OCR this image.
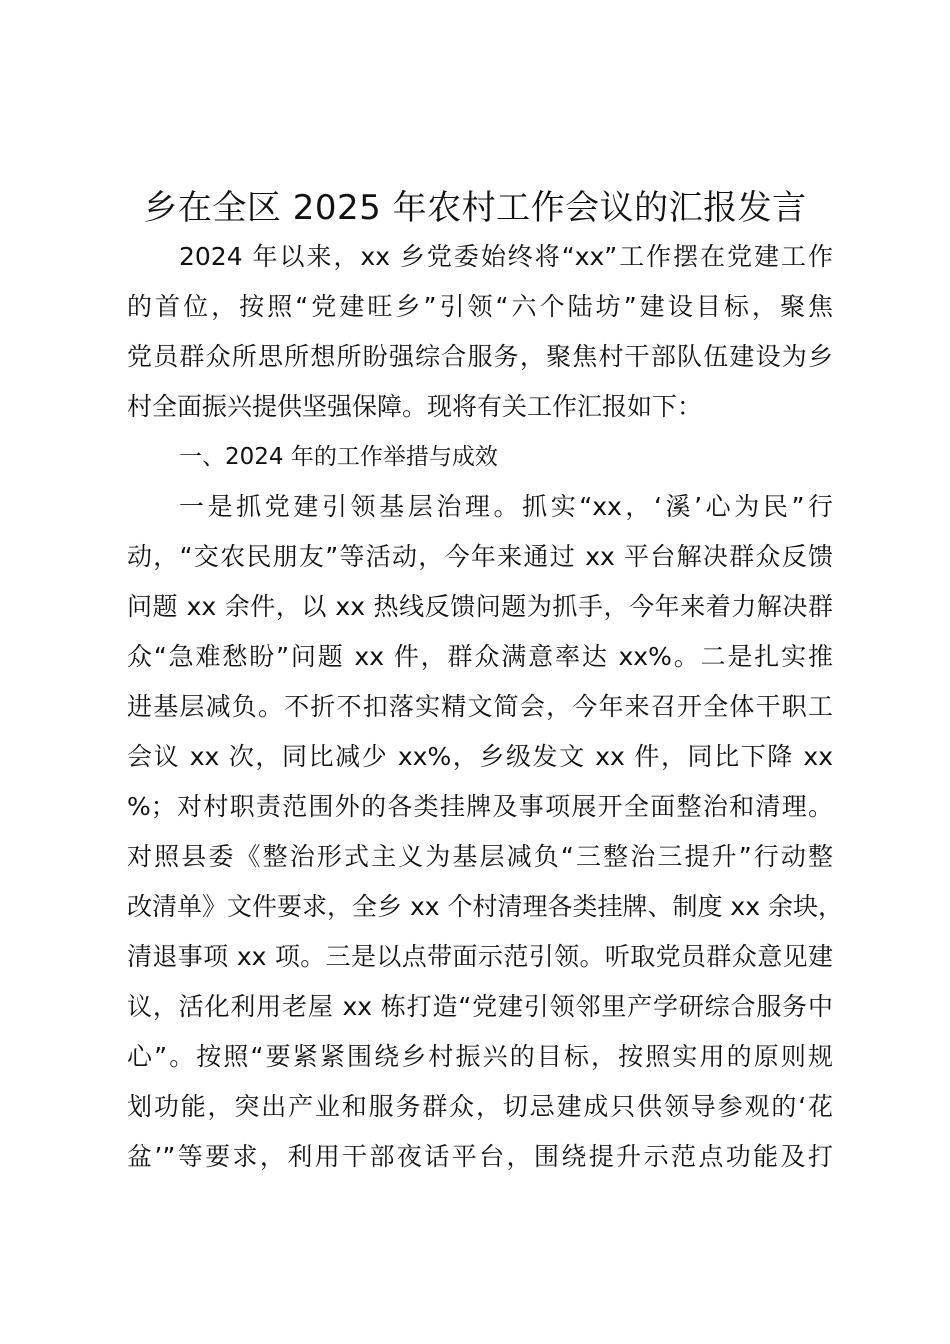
乡在全区 2025 年农村工作会议的汇报发言
2024 年以来，xx 乡党委始终将“xx”工作摆在党建工作
的首位，按照“党建旺乡”引领“六个陆坊”建设目标，聚焦
党员群众所思所想所盼强综合服务，聚焦村干部队伍建设为乡
村全面振兴提供坚强保障。现将有关工作汇报如下：
一、2024 年的工作举措与成效
一是抓党建引领基层治理。抓实“xx，‘溪’心为民”行
动，“交农民朋友”等活动，今年来通过 xx 平台解决群众反馈
问题 xx 余件，以 xx 热线反馈问题为抓手，今年来着力解决群
众“急难愁盼”问题 xx 件，群众满意率达 xx%。二是扎实推
进基层减负。不折不扣落实精文简会，今年来召开全体干职工
会议 xx 次，同比减少 xx%，乡级发文 xx 件，同比下降 xx
%；对村职责范围外的各类挂牌及事项展开全面整治和清理。
对照县委《整治形式主义为基层减负“三整治三提升”行动整
改清单》文件要求，全乡 xx 个村清理各类挂牌、制度 xx 余块，
清退事项 xx 项。三是以点带面示范引领。听取党员群众意见建
议，活化利用老屋 xx 栋打造“党建引领邻里产学研综合服务中
心”。按照“要紧紧围绕乡村振兴的目标，按照实用的原则规
划功能，突出产业和服务群众，切忌建成只供领导参观的‘花
盆’”等要求，利用干部夜话平台，围绕提升示范点功能及打
